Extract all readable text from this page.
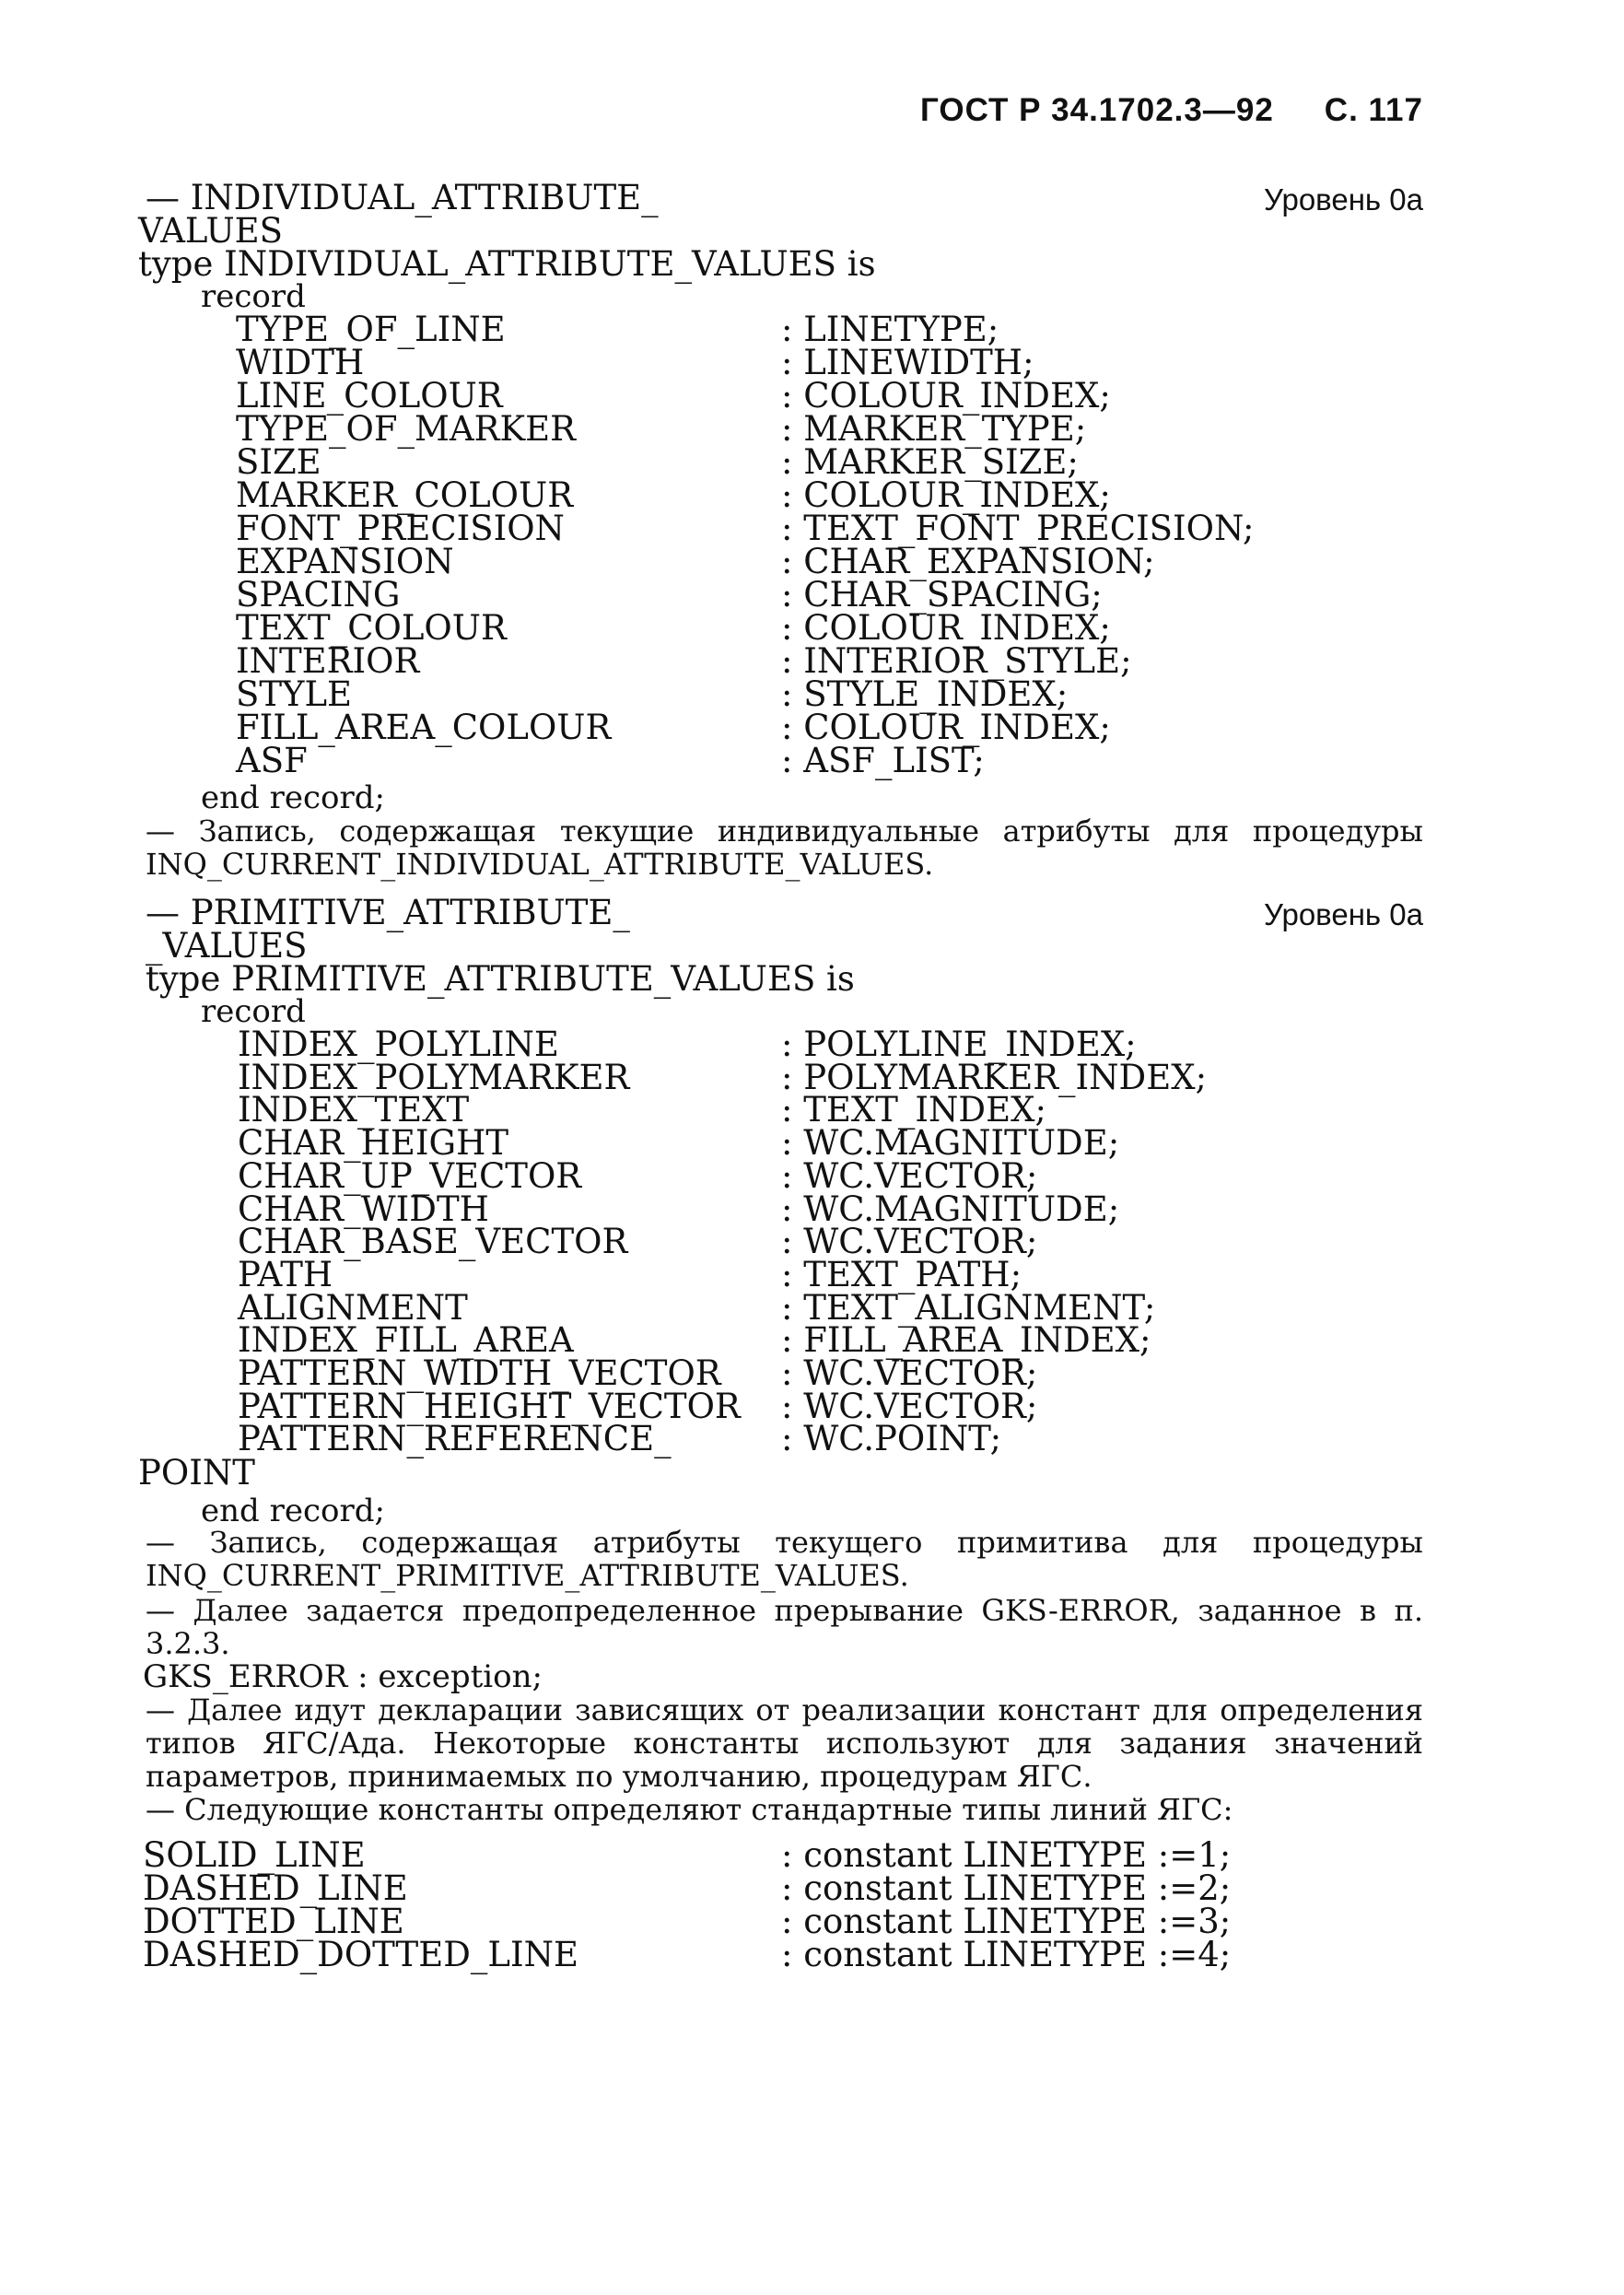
ГОСТ Р 34.1702.3—92 С. 117
— INDIVIDUAL_ATTRIBUTE_	Уровень 0а
VALUES
type INDIVIDUAL_ATTRIBUTE_VALUES is
record
TYPE_OF_LINE	: LINETYPE;
WIDTH	: LINEWIDTH;
LINE_COLOUR	: COLOUR_INDEX;
TYPE_OF_MARKER	: MARKER_TYPE;
SIZE	: MARKER_SIZE;
MARKER_COLOUR	: COLOUR_INDEX;
FONT_PRECISION	: TEXT_FONT_PRECISION;
EXPANSION	: CHAR_EXPANSION;
SPACING	: CHAR_SPACING;
TEXT_COLOUR	: COLOUR_INDEX;
INTERIOR	: INTERIOR_STYLE;
STYLE	: STYLE_INDEX;
FILL_AREA_COLOUR	: COLOUR_INDEX;
ASF	: ASF_LIST;
end record;
— Запись, содержащая текущие индивидуальные атрибуты для процедуры INQ_CURRENT_INDIVIDUAL_ATTRIBUTE_VALUES.
— PRIMITIVE_ATTRIBUTE_	Уровень 0а
_VALUES
type PRIMITIVE_ATTRIBUTE_VALUES is
record
INDEX_POLYLINE	: POLYLINE_INDEX;
INDEX_POLYMARKER	: POLYMARKER_INDEX;
INDEX_TEXT	: TEXT_INDEX;
CHAR_HEIGHT	: WC.MAGNITUDE;
CHAR_UP_VECTOR	: WC.VECTOR;
CHAR_WIDTH	: WC.MAGNITUDE;
CHAR_BASE_VECTOR	: WC.VECTOR;
PATH	: TEXT_PATH;
ALIGNMENT	: TEXT_ALIGNMENT;
INDEX_FILL_AREA	: FILL_AREA_INDEX;
PATTERN_WIDTH_VECTOR : WC.VECTOR;
PATTERN_HEIGHT_VECTOR : WC.VECTOR;
PATTERN_REFERENCE_	: WC.POINT;
POINT
end record;
— Запись, содержащая атрибуты текущего примитива для процедуры INQ_CURRENT_PRIMITIVE_ATTRIBUTE_VALUES.
— Далее задается предопределенное прерывание GKS-ERROR, заданное в п. 3.2.3.
GKS_ERROR : exception;
— Далее идут декларации зависящих от реализации констант для определения типов ЯГС/Ада. Некоторые константы используют для задания значений параметров, принимаемых по умолчанию, процедурам ЯГС.
— Следующие константы определяют стандартные типы линий ЯГС:
SOLID_LINE	: constant LINETYPE :=1;
DASHED_LINE	: constant LINETYPE :=2;
DOTTED_LINE	: constant LINETYPE :=3;
DASHED_DOTTED_LINE	: constant LINETYPE :=4;
